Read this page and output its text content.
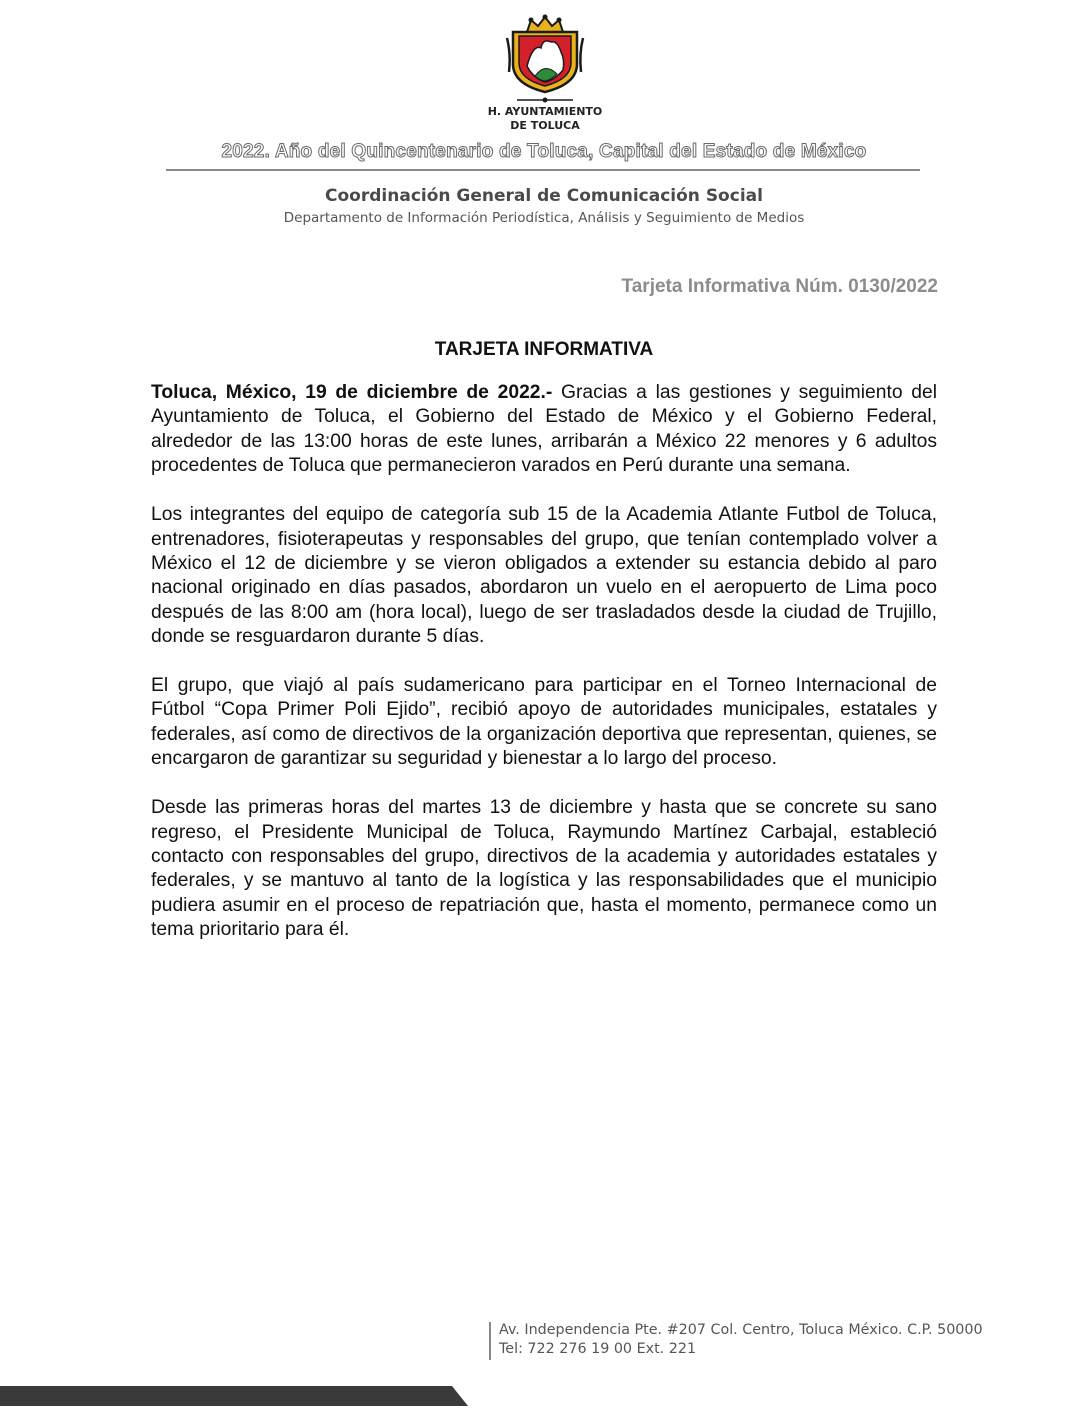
H. AYUNTAMIENTO
DE TOLUCA
2022. Año del Quincentenario de Toluca, Capital del Estado de México
Coordinación General de Comunicación Social
Departamento de Información Periodística, Análisis y Seguimiento de Medios
Tarjeta Informativa Núm. 0130/2022
TARJETA INFORMATIVA

Toluca, México, 19 de diciembre de 2022.- Gracias a las gestiones y seguimiento del Ayuntamiento de Toluca, el Gobierno del Estado de México y el Gobierno Federal, alrededor de las 13:00 horas de este lunes, arribarán a México 22 menores y 6 adultos procedentes de Toluca que permanecieron varados en Perú durante una semana.

Los integrantes del equipo de categoría sub 15 de la Academia Atlante Futbol de Toluca, entrenadores, fisioterapeutas y responsables del grupo, que tenían contemplado volver a México el 12 de diciembre y se vieron obligados a extender su estancia debido al paro nacional originado en días pasados, abordaron un vuelo en el aeropuerto de Lima poco después de las 8:00 am (hora local), luego de ser trasladados desde la ciudad de Trujillo, donde se resguardaron durante 5 días.

El grupo, que viajó al país sudamericano para participar en el Torneo Internacional de Fútbol “Copa Primer Poli Ejido”, recibió apoyo de autoridades municipales, estatales y federales, así como de directivos de la organización deportiva que representan, quienes, se encargaron de garantizar su seguridad y bienestar a lo largo del proceso.

Desde las primeras horas del martes 13 de diciembre y hasta que se concrete su sano regreso, el Presidente Municipal de Toluca, Raymundo Martínez Carbajal, estableció contacto con responsables del grupo, directivos de la academia y autoridades estatales y federales, y se mantuvo al tanto de la logística y las responsabilidades que el municipio pudiera asumir en el proceso de repatriación que, hasta el momento, permanece como un tema prioritario para él.

Av. Independencia Pte. #207 Col. Centro, Toluca México. C.P. 50000
Tel: 722 276 19 00 Ext. 221
